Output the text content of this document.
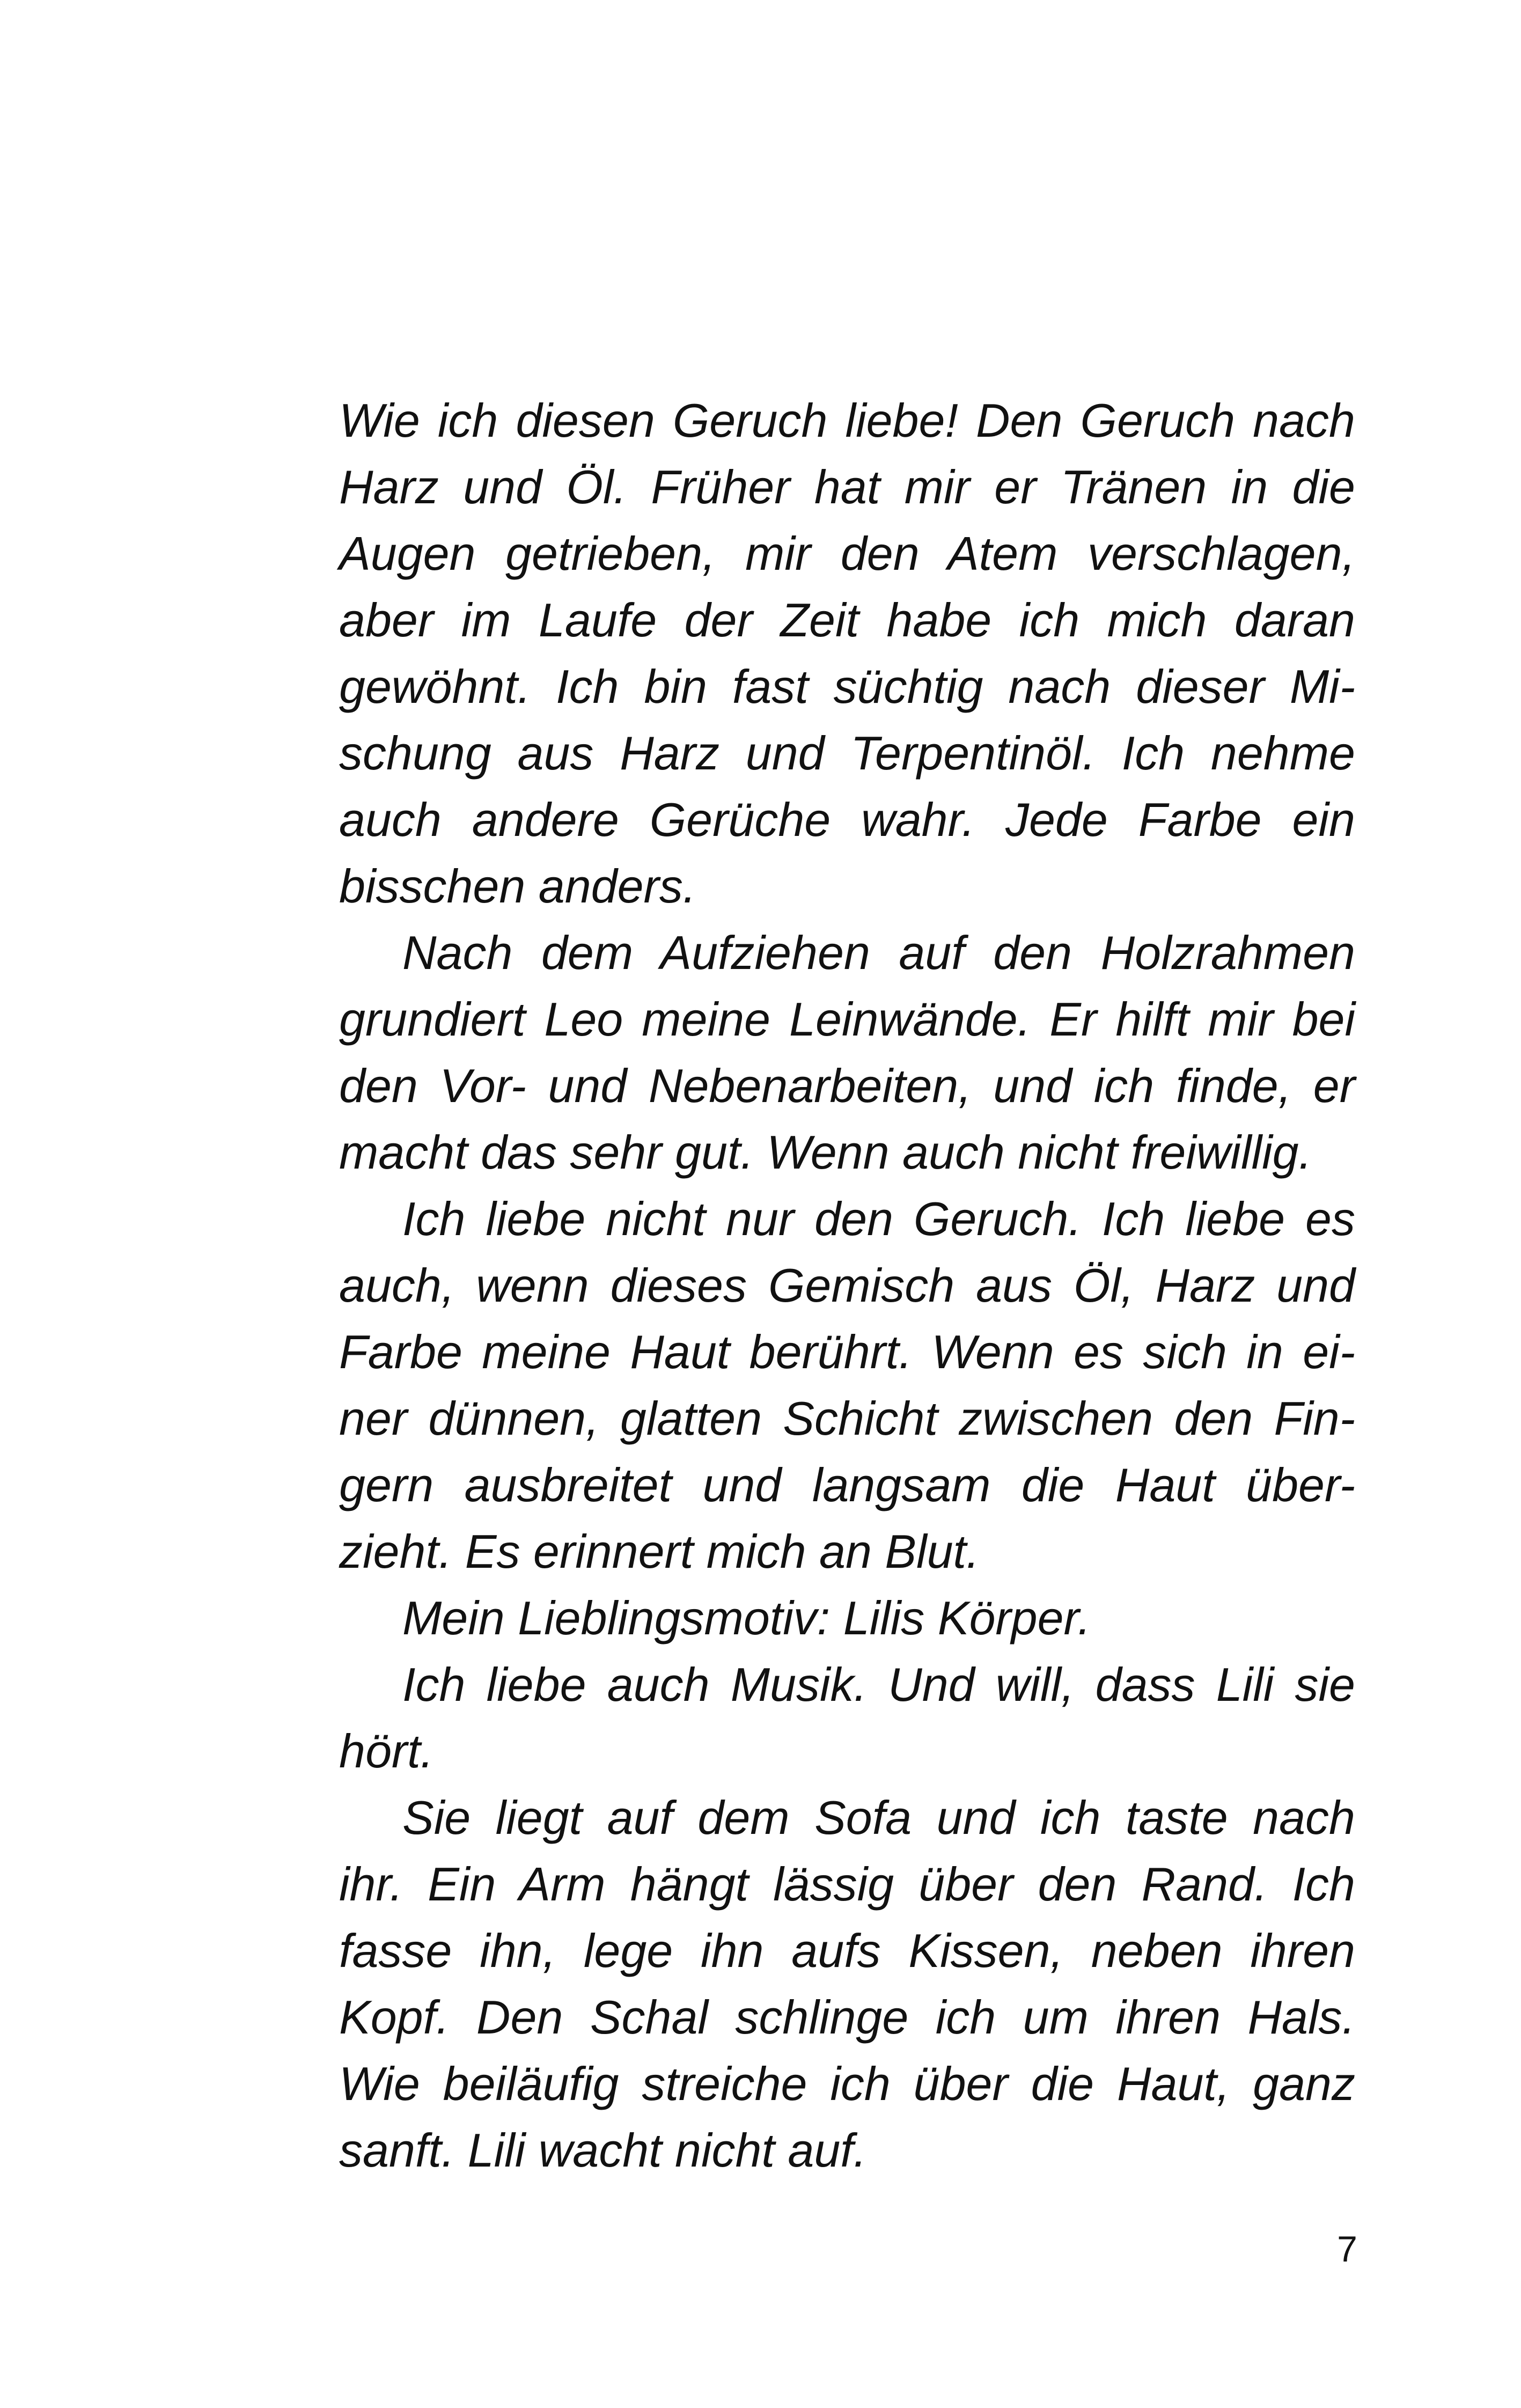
Wie ich diesen Geruch liebe! Den Geruch nach
Harz und Öl. Früher hat mir er Tränen in die
Augen getrieben, mir den Atem verschlagen,
aber im Laufe der Zeit habe ich mich daran
gewöhnt. Ich bin fast süchtig nach dieser Mi-
schung aus Harz und Terpentinöl. Ich nehme
auch andere Gerüche wahr. Jede Farbe ein
bisschen anders.
Nach dem Aufziehen auf den Holzrahmen
grundiert Leo meine Leinwände. Er hilft mir bei
den Vor- und Nebenarbeiten, und ich finde, er
macht das sehr gut. Wenn auch nicht freiwillig.
Ich liebe nicht nur den Geruch. Ich liebe es
auch, wenn dieses Gemisch aus Öl, Harz und
Farbe meine Haut berührt. Wenn es sich in ei-
ner dünnen, glatten Schicht zwischen den Fin-
gern ausbreitet und langsam die Haut über-
zieht. Es erinnert mich an Blut.
Mein Lieblingsmotiv: Lilis Körper.
Ich liebe auch Musik. Und will, dass Lili sie
hört.
Sie liegt auf dem Sofa und ich taste nach
ihr. Ein Arm hängt lässig über den Rand. Ich
fasse ihn, lege ihn aufs Kissen, neben ihren
Kopf. Den Schal schlinge ich um ihren Hals.
Wie beiläufig streiche ich über die Haut, ganz
sanft. Lili wacht nicht auf.
7
